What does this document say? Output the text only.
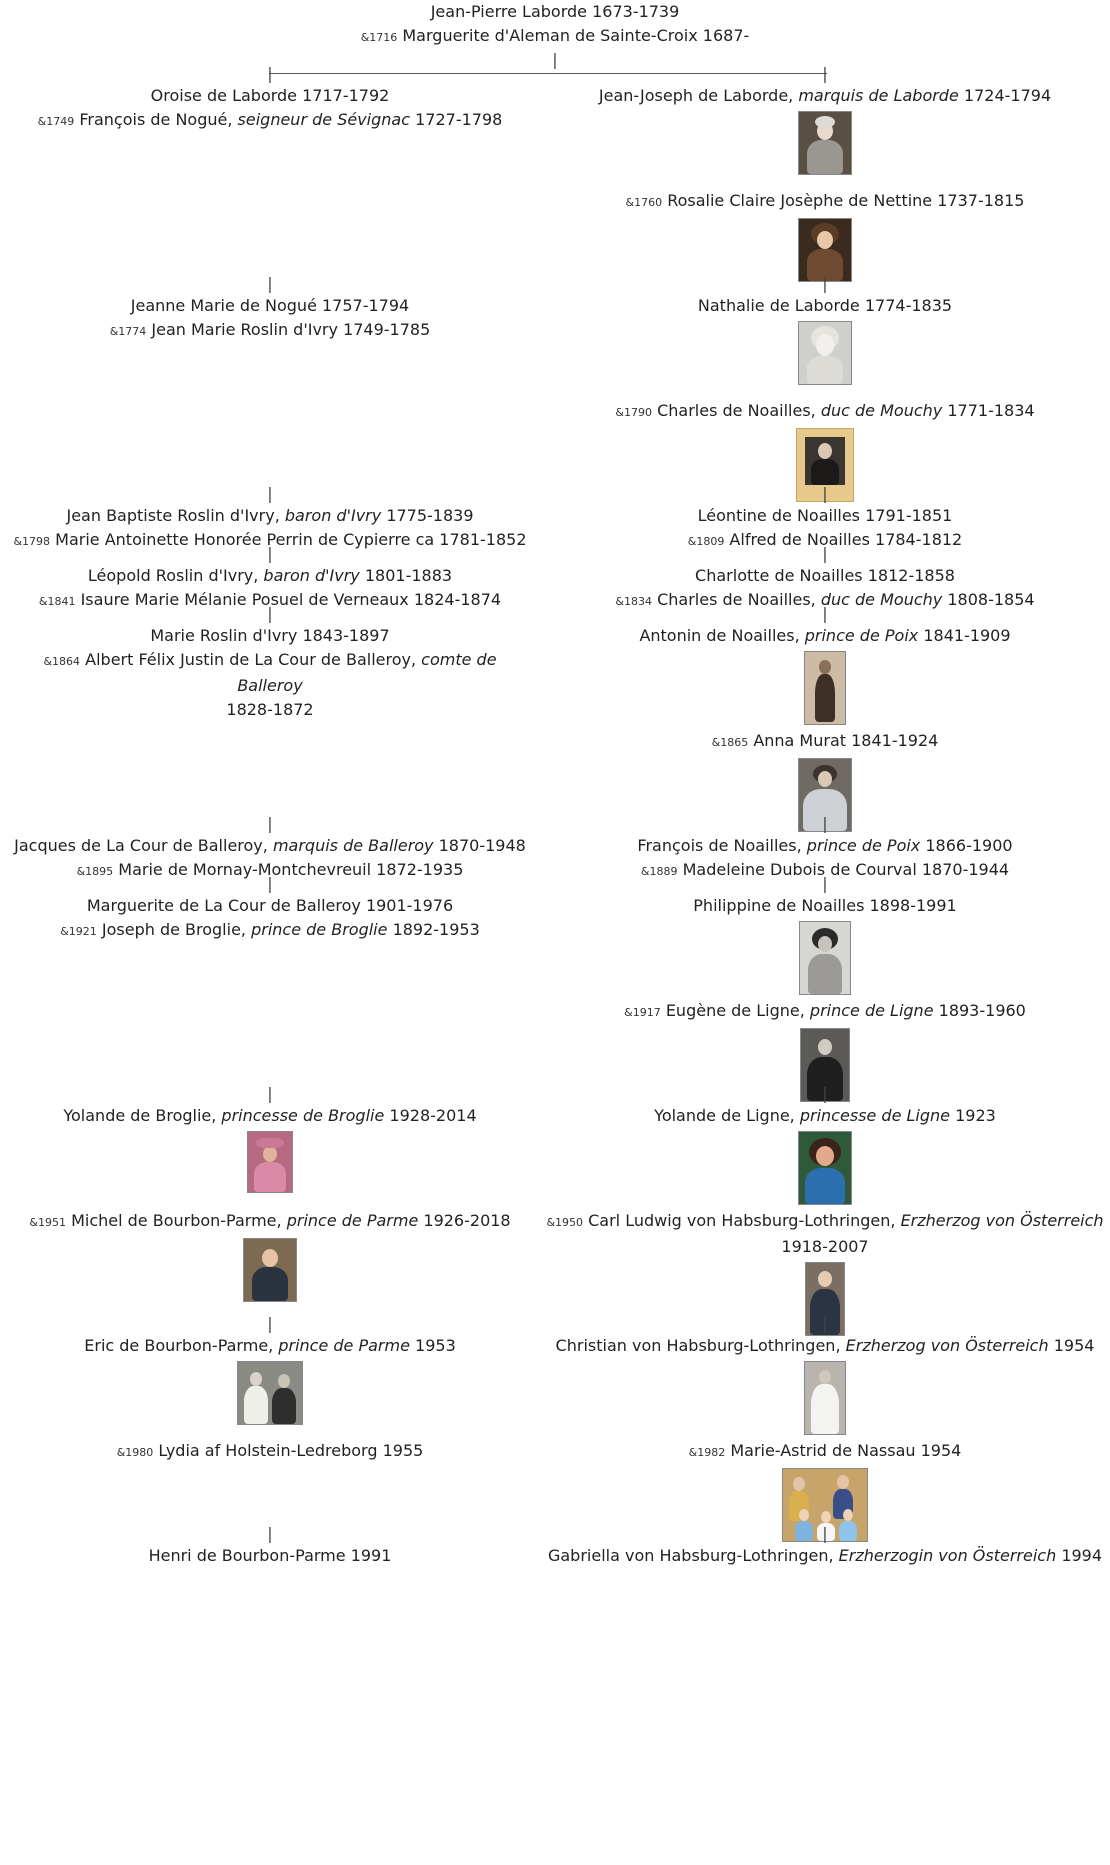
Jean-Pierre Laborde 1673-1739
&1716 Marguerite d'Aleman de Sainte-Croix 1687-
|
|
Oroise de Laborde 1717-1792
&1749 François de Nogué, seigneur de Sévignac 1727-1798
|
Jeanne Marie de Nogué 1757-1794
&1774 Jean Marie Roslin d'Ivry 1749-1785
|
Jean Baptiste Roslin d'Ivry, baron d'Ivry 1775-1839
&1798 Marie Antoinette Honorée Perrin de Cypierre ca 1781-1852
|
Léopold Roslin d'Ivry, baron d'Ivry 1801-1883
&1841 Isaure Marie Mélanie Posuel de Verneaux 1824-1874
|
Marie Roslin d'Ivry 1843-1897
&1864 Albert Félix Justin de La Cour de Balleroy, comte de Balleroy
1828-1872
|
Jacques de La Cour de Balleroy, marquis de Balleroy 1870-1948
&1895 Marie de Mornay-Montchevreuil 1872-1935
|
Marguerite de La Cour de Balleroy 1901-1976
&1921 Joseph de Broglie, prince de Broglie 1892-1953
|
Yolande de Broglie, princesse de Broglie 1928-2014
&1951 Michel de Bourbon-Parme, prince de Parme 1926-2018
|
Eric de Bourbon-Parme, prince de Parme 1953
&1980 Lydia af Holstein-Ledreborg 1955
|
Henri de Bourbon-Parme 1991
|
Jean-Joseph de Laborde, marquis de Laborde 1724-1794
&1760 Rosalie Claire Josèphe de Nettine 1737-1815
|
Nathalie de Laborde 1774-1835
&1790 Charles de Noailles, duc de Mouchy 1771-1834
|
Léontine de Noailles 1791-1851
&1809 Alfred de Noailles 1784-1812
|
Charlotte de Noailles 1812-1858
&1834 Charles de Noailles, duc de Mouchy 1808-1854
|
Antonin de Noailles, prince de Poix 1841-1909
&1865 Anna Murat 1841-1924
|
François de Noailles, prince de Poix 1866-1900
&1889 Madeleine Dubois de Courval 1870-1944
|
Philippine de Noailles 1898-1991
&1917 Eugène de Ligne, prince de Ligne 1893-1960
|
Yolande de Ligne, princesse de Ligne 1923
&1950 Carl Ludwig von Habsburg-Lothringen, Erzherzog von Österreich
1918-2007
|
Christian von Habsburg-Lothringen, Erzherzog von Österreich 1954
&1982 Marie-Astrid de Nassau 1954
|
Gabriella von Habsburg-Lothringen, Erzherzogin von Österreich 1994
